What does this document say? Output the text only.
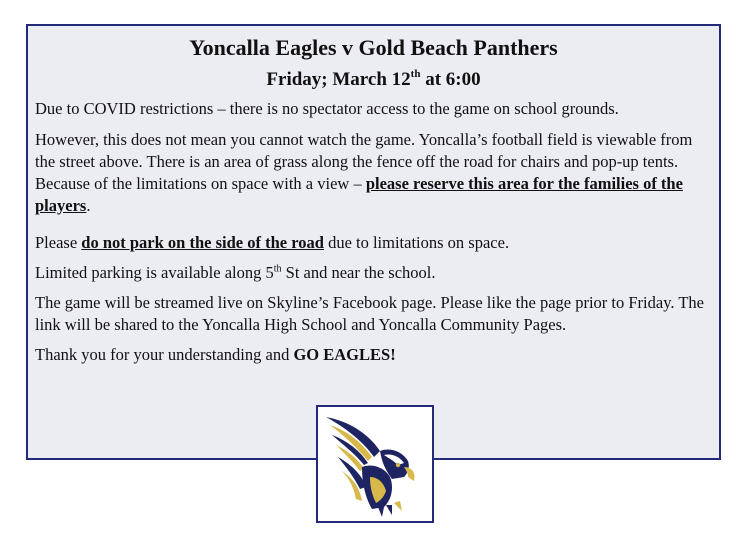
Yoncalla Eagles v Gold Beach Panthers
Friday; March 12th at 6:00

Due to COVID restrictions – there is no spectator access to the game on school grounds.

However, this does not mean you cannot watch the game. Yoncalla’s football field is viewable from the street above. There is an area of grass along the fence off the road for chairs and pop-up tents. Because of the limitations on space with a view – please reserve this area for the families of the players.

Please do not park on the side of the road due to limitations on space.

Limited parking is available along 5th St and near the school.

The game will be streamed live on Skyline’s Facebook page. Please like the page prior to Friday. The link will be shared to the Yoncalla High School and Yoncalla Community Pages.

Thank you for your understanding and GO EAGLES!
